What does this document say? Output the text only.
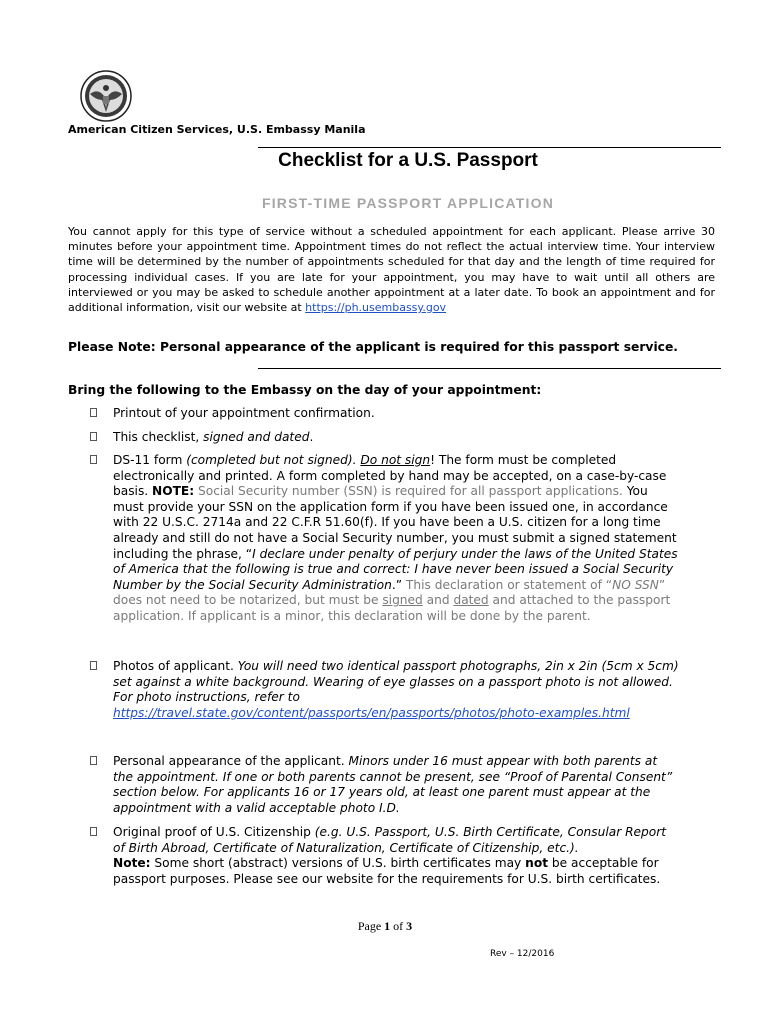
American Citizen Services, U.S. Embassy Manila
Checklist for a U.S. Passport
FIRST-TIME PASSPORT APPLICATION
You cannot apply for this type of service without a scheduled appointment for each applicant. Please arrive 30 minutes before your appointment time. Appointment times do not reflect the actual interview time. Your interview time will be determined by the number of appointments scheduled for that day and the length of time required for processing individual cases. If you are late for your appointment, you may have to wait until all others are interviewed or you may be asked to schedule another appointment at a later date. To book an appointment and for additional information, visit our website at https://ph.usembassy.gov
Please Note: Personal appearance of the applicant is required for this passport service.
Bring the following to the Embassy on the day of your appointment:
Printout of your appointment confirmation.
This checklist, signed and dated.
DS-11 form (completed but not signed). Do not sign! The form must be completed electronically and printed. A form completed by hand may be accepted, on a case-by-case basis. NOTE: Social Security number (SSN) is required for all passport applications. You must provide your SSN on the application form if you have been issued one, in accordance with 22 U.S.C. 2714a and 22 C.F.R 51.60(f). If you have been a U.S. citizen for a long time already and still do not have a Social Security number, you must submit a signed statement including the phrase, “I declare under penalty of perjury under the laws of the United States of America that the following is true and correct: I have never been issued a Social Security Number by the Social Security Administration.” This declaration or statement of “NO SSN” does not need to be notarized, but must be signed and dated and attached to the passport application. If applicant is a minor, this declaration will be done by the parent.
Photos of applicant. You will need two identical passport photographs, 2in x 2in (5cm x 5cm) set against a white background. Wearing of eye glasses on a passport photo is not allowed. For photo instructions, refer to
https://travel.state.gov/content/passports/en/passports/photos/photo-examples.html
Personal appearance of the applicant. Minors under 16 must appear with both parents at the appointment. If one or both parents cannot be present, see “Proof of Parental Consent” section below. For applicants 16 or 17 years old, at least one parent must appear at the appointment with a valid acceptable photo I.D.
Original proof of U.S. Citizenship (e.g. U.S. Passport, U.S. Birth Certificate, Consular Report of Birth Abroad, Certificate of Naturalization, Certificate of Citizenship, etc.).
Note: Some short (abstract) versions of U.S. birth certificates may not be acceptable for passport purposes. Please see our website for the requirements for U.S. birth certificates.
Page 1 of 3
Rev – 12/2016
